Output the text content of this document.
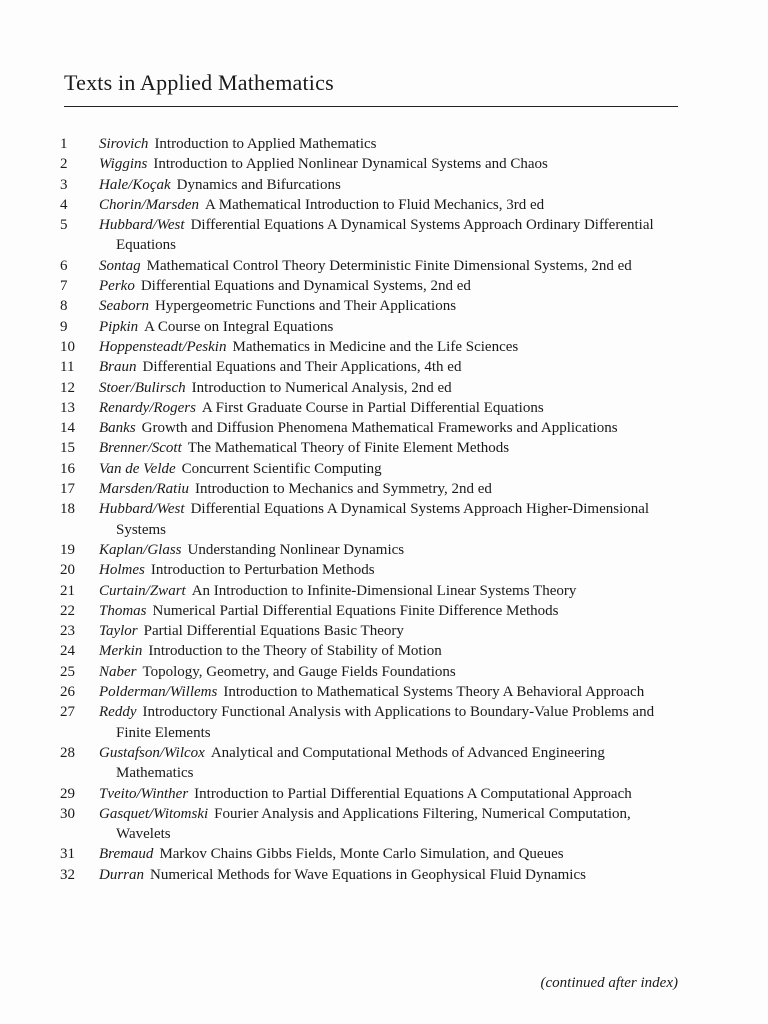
Texts in Applied Mathematics
1	Sirovich Introduction to Applied Mathematics
2	Wiggins Introduction to Applied Nonlinear Dynamical Systems and Chaos
3	Hale/Koçak Dynamics and Bifurcations
4	Chorin/Marsden A Mathematical Introduction to Fluid Mechanics, 3rd ed
5	Hubbard/West Differential Equations A Dynamical Systems Approach Ordinary Differential Equations
6	Sontag Mathematical Control Theory Deterministic Finite Dimensional Systems, 2nd ed
7	Perko Differential Equations and Dynamical Systems, 2nd ed
8	Seaborn Hypergeometric Functions and Their Applications
9	Pipkin A Course on Integral Equations
10	Hoppensteadt/Peskin Mathematics in Medicine and the Life Sciences
11	Braun Differential Equations and Their Applications, 4th ed
12	Stoer/Bulirsch Introduction to Numerical Analysis, 2nd ed
13	Renardy/Rogers A First Graduate Course in Partial Differential Equations
14	Banks Growth and Diffusion Phenomena Mathematical Frameworks and Applications
15	Brenner/Scott The Mathematical Theory of Finite Element Methods
16	Van de Velde Concurrent Scientific Computing
17	Marsden/Ratiu Introduction to Mechanics and Symmetry, 2nd ed
18	Hubbard/West Differential Equations A Dynamical Systems Approach Higher-Dimensional Systems
19	Kaplan/Glass Understanding Nonlinear Dynamics
20	Holmes Introduction to Perturbation Methods
21	Curtain/Zwart An Introduction to Infinite-Dimensional Linear Systems Theory
22	Thomas Numerical Partial Differential Equations Finite Difference Methods
23	Taylor Partial Differential Equations Basic Theory
24	Merkin Introduction to the Theory of Stability of Motion
25	Naber Topology, Geometry, and Gauge Fields Foundations
26	Polderman/Willems Introduction to Mathematical Systems Theory A Behavioral Approach
27	Reddy Introductory Functional Analysis with Applications to Boundary-Value Problems and Finite Elements
28	Gustafson/Wilcox Analytical and Computational Methods of Advanced Engineering Mathematics
29	Tveito/Winther Introduction to Partial Differential Equations A Computational Approach
30	Gasquet/Witomski Fourier Analysis and Applications Filtering, Numerical Computation, Wavelets
31	Bremaud Markov Chains Gibbs Fields, Monte Carlo Simulation, and Queues
32	Durran Numerical Methods for Wave Equations in Geophysical Fluid Dynamics
(continued after index)
